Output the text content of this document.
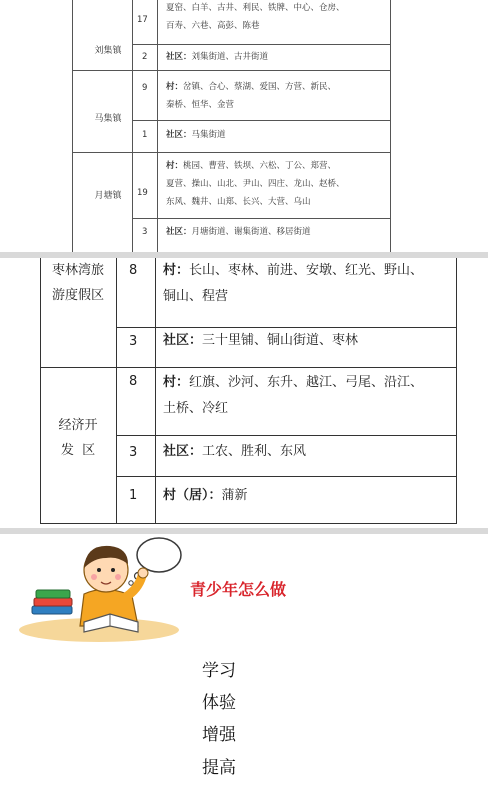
刘集镇
17
夏窑、白羊、古井、利民、铁牌、中心、仓房、
百寿、六巷、高彭、陈巷
2 社区：刘集街道、古井街道
马集镇
9 村：岔镇、合心、蔡湖、爱国、方营、新民、
秦桥、恒华、金营
1 社区：马集街道
月塘镇	19
村：桃园、曹营、铁坝、六松、丁公、郑营、
夏营、操山、山北、尹山、四庄、龙山、赵桥、
东风、魏井、山郑、长兴、大营、乌山
3 社区：月塘街道、谢集街道、移居街道
枣林湾旅
游度假区
8 村：长山、枣林、前进、安墩、红光、野山、
铜山、程营
3 社区：三十里铺、铜山街道、枣林
经济开
发  区
8 村：红旗、沙河、东升、越江、弓尾、沿江、
土桥、冷红
3 社区：工农、胜利、东风
1 村（居）：蒲新
青少年怎么做
学习
体验
增强
提高
